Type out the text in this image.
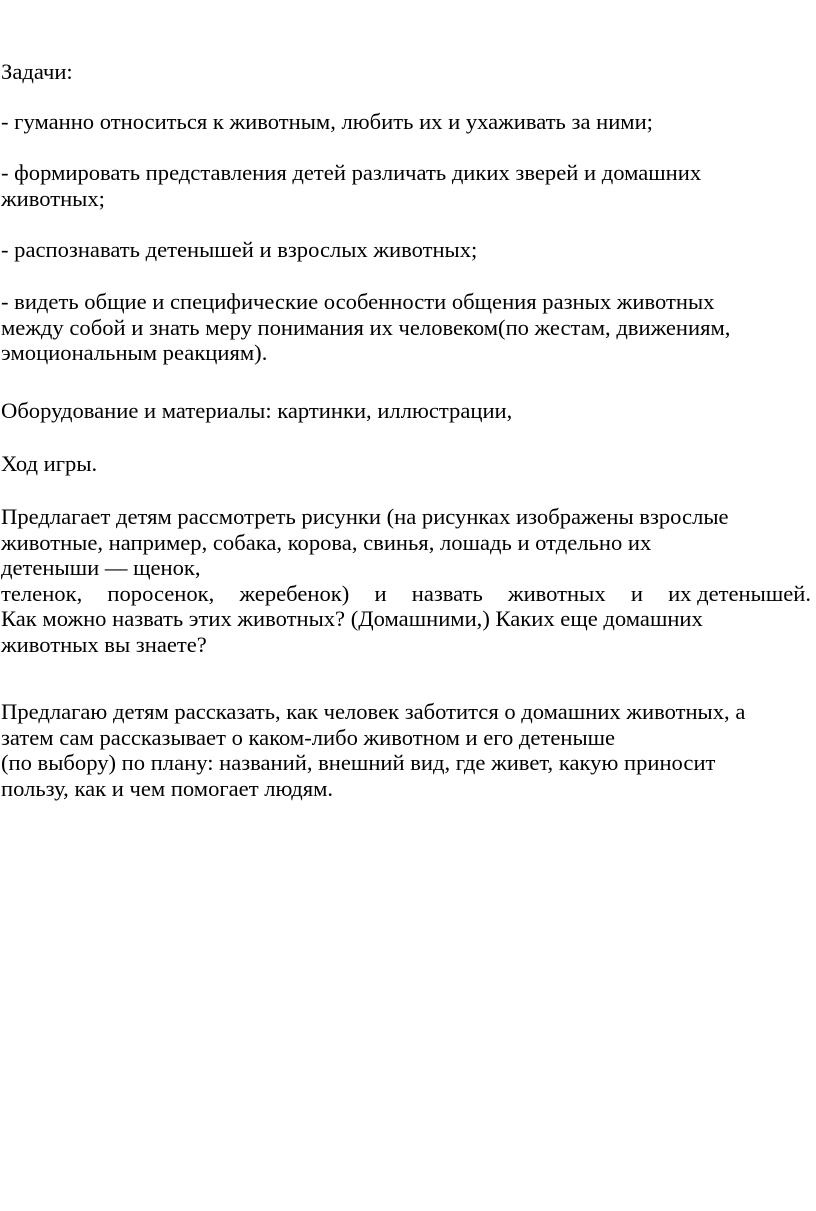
Задачи:

- гуманно относиться к животным, любить их и ухаживать за ними;

- формировать представления детей различать диких зверей и домашних
животных;

- распознавать детенышей и взрослых животных;

- видеть общие и специфические особенности общения разных животных
между собой и знать меру понимания их человеком(по жестам, движениям,
эмоциональным реакциям).

Оборудование и материалы: картинки, иллюстрации,

Ход игры.

Предлагает детям рассмотреть рисунки (на рисунках изображены взрослые
животные, например, собака, корова, свинья, лошадь и отдельно их
детеныши — щенок,
теленок, поросенок, жеребенок) и назвать животных и их детенышей.
Как можно назвать этих животных? (Домашними,) Каких еще домашних
животных вы знаете?

Предлагаю детям рассказать, как человек заботится о домашних животных, а
затем сам рассказывает о каком-либо животном и его детеныше
(по выбору) по плану: названий, внешний вид, где живет, какую приносит
пользу, как и чем помогает людям.
